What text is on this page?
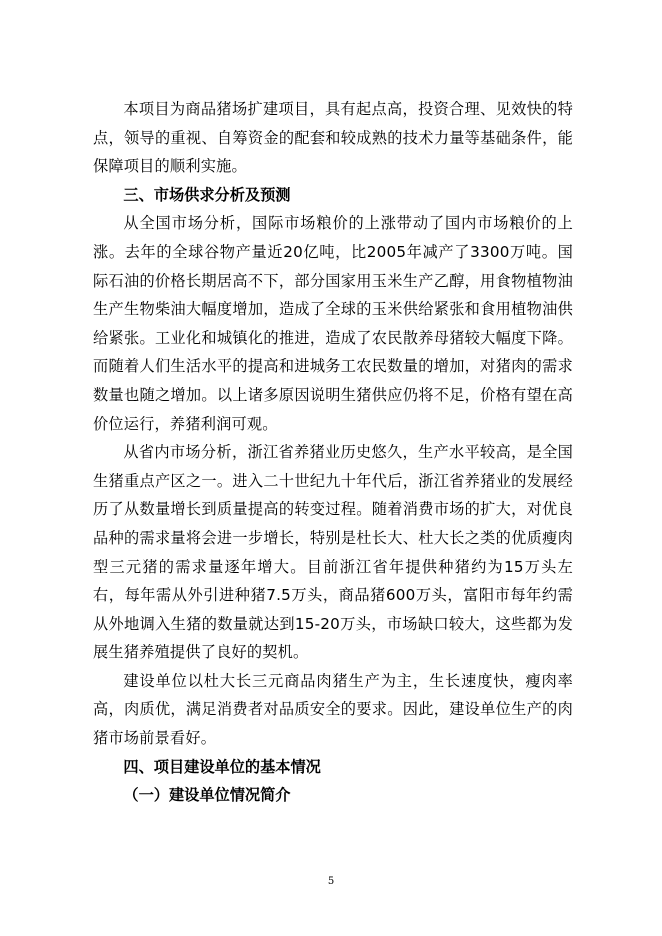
本项目为商品猪场扩建项目，具有起点高，投资合理、见效快的特点，领导的重视、自筹资金的配套和较成熟的技术力量等基础条件，能保障项目的顺利实施。

三、市场供求分析及预测

从全国市场分析，国际市场粮价的上涨带动了国内市场粮价的上涨。去年的全球谷物产量近20亿吨，比2005年减产了3300万吨。国际石油的价格长期居高不下，部分国家用玉米生产乙醇，用食物植物油生产生物柴油大幅度增加，造成了全球的玉米供给紧张和食用植物油供给紧张。工业化和城镇化的推进，造成了农民散养母猪较大幅度下降。而随着人们生活水平的提高和进城务工农民数量的增加，对猪肉的需求数量也随之增加。以上诸多原因说明生猪供应仍将不足，价格有望在高价位运行，养猪利润可观。

从省内市场分析，浙江省养猪业历史悠久，生产水平较高，是全国生猪重点产区之一。进入二十世纪九十年代后，浙江省养猪业的发展经历了从数量增长到质量提高的转变过程。随着消费市场的扩大，对优良品种的需求量将会进一步增长，特别是杜长大、杜大长之类的优质瘦肉型三元猪的需求量逐年增大。目前浙江省年提供种猪约为15万头左右，每年需从外引进种猪7.5万头，商品猪600万头，富阳市每年约需从外地调入生猪的数量就达到15-20万头，市场缺口较大，这些都为发展生猪养殖提供了良好的契机。

建设单位以杜大长三元商品肉猪生产为主，生长速度快，瘦肉率高，肉质优，满足消费者对品质安全的要求。因此，建设单位生产的肉猪市场前景看好。

四、项目建设单位的基本情况
（一）建设单位情况简介
5
